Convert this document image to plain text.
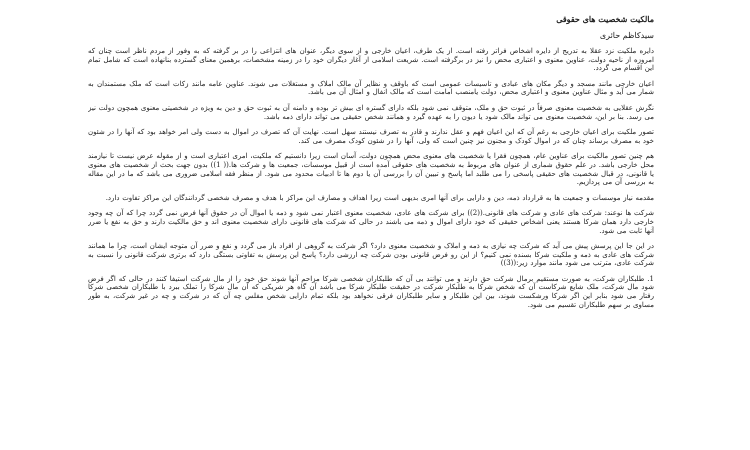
مالکیت شخصیت های حقوقی
سیدکاظم حائری

دایره ملکیت نزد عقلا به تدریج از دایره اشخاص فراتر رفته است. از یک طرف، اعیان خارجی و از سوی دیگر، عنوان های انتزاعی را در بر گرفته که به وفور از مردم ناظر است چنان که امروزه از ناحیه دولت، عناوین معنوی و اعتباری محض را نیز در برگرفته است. شریعت اسلامی از آغاز دیگران خود را در زمینه مشخصات، برهمین معنای گسترده بنانهاده است که شامل تمام این اقسام می گردد.

اعیان خارجی مانند مسجد و دیگر مکان های عبادی و تاسیسات عمومی است که باوقف و نظایر آن مالک املاک و مستغلات می شوند. عناوین عامه مانند زکات است که ملک مستمندان به شمار می آید و مثال عناوین معنوی و اعتباری محض، دولت یامنصب امامت است که مالک انفال و امثال آن می باشد.

نگرش عقلایی به شخصیت معنوی صرفاً در ثبوت حق و ملک، متوقف نمی شود بلکه دارای گستره ای بیش تر بوده و دامنه آن به ثبوت حق و دین به ویژه در شخصیتی معنوی همچون دولت نیز می رسد. بنا بر این، شخصیت معنوی می تواند مالک شود یا دیون را به عهده گیرد و همانند شخص حقیقی می تواند دارای ذمه باشد.

تصور ملکیت برای اعیان خارجی به رغم آن که این اعیان فهم و عقل ندارند و قادر به تصرف نیستند سهل است. نهایت آن که تصرف در اموال به دست ولی امر خواهد بود که آنها را در شئون خود به مصرف برساند چنان که در اموال کودک و مجنون نیز چنین است که ولی، آنها را در شئون کودک مصرف می کند.

هم چنین تصور مالکیت برای عناوین عام، همچون فقرا یا شخصیت های معنوی محض همچون دولت، آسان است زیرا دانستیم که ملکیت، امری اعتباری است و از مقوله عرض نیست تا نیازمند محل خارجی باشد. در علم حقوق شماری از عنوان های مربوط به شخصیت های حقوقی آمده است از قبیل موسسات، جمعیت ها و شرکت ها.(( 1)) بدون جهت بحث از شخصیت های معنوی یا قانونی، در قبال شخصیت های حقیقی پاسخی را می طلبد اما پاسخ و تبیین آن را بررسی آن یا دوم ها تا ادبیات محدود می شود. از منظر فقه اسلامی ضروری می باشد که ما در این مقاله به بررسی آن می پردازیم.

مقدمه نیاز موسسات و جمعیت ها به قرارداد ذمه، دین و دارایی برای آنها امری بدیهی است زیرا اهداف و مصارف این مراکز با هدف و مصرف شخصی گردانندگان این مراکز تفاوت دارد.

شرکت ها نوعند: شرکت های عادی و شرکت های قانونی.((2)) برای شرکت های عادی، شخصیت معنوی اعتبار نمی شود و ذمه یا اموال آن در حقوق آنها فرض نمی گردد چرا که آن چه وجود خارجی دارد همان شرکا هستند یعنی اشخاص حقیقی که خود دارای اموال و ذمه می باشند در حالی که شرکت های قانونی دارای شخصیت معنوی اند و حق مالکیت دارند و حق به نفع یا ضرر آنها ثابت می شود.

در این جا این پرسش پیش می آید که شرکت چه نیازی به ذمه و املاک و شخصیت معنوی دارد؟ اگر شرکت به گروهی از افراد باز می گردد و نفع و ضرر آن متوجه ایشان است، چرا ما همانند شرکت های عادی به ذمه و ملکیت شرکا بسنده نمی کنیم؟ از این رو فرض قانونی بودن شرکت چه ارزشی دارد؟ پاسخ این پرسش به تفاوتی بستگی دارد که برتری شرکت قانونی را نسبت به شرکت عادی، مترتب می شود مانند موارد زیر:((3))

1. طلبکاران شرکت، به صورت مستقیم برمال شرکت حق دارند و می توانند بی آن که طلبکاران شخصی شرکا مزاحم آنها شوند حق خود را از مال شرکت استیفا کنند در حالی که اگر فرض شود مال شرکت، ملک شایع شرکاست آن که شخص شرکا به طلبکار شرکت در حقیقت طلبکار شرکا می باشد آن گاه هر شریکی که آن مال شرکا را تملک ببرد با طلبکاران شخصی شرکا رفتار می شود بنابر این اگر شرکا ورشکست شوند، بین این طلبکار و سایر طلبکاران فرقی نخواهد بود بلکه تمام دارایی شخص مفلس چه آن که در شرکت و چه در غیر شرکت، به طور مساوی بر سهم طلبکاران تقسیم می شود.
